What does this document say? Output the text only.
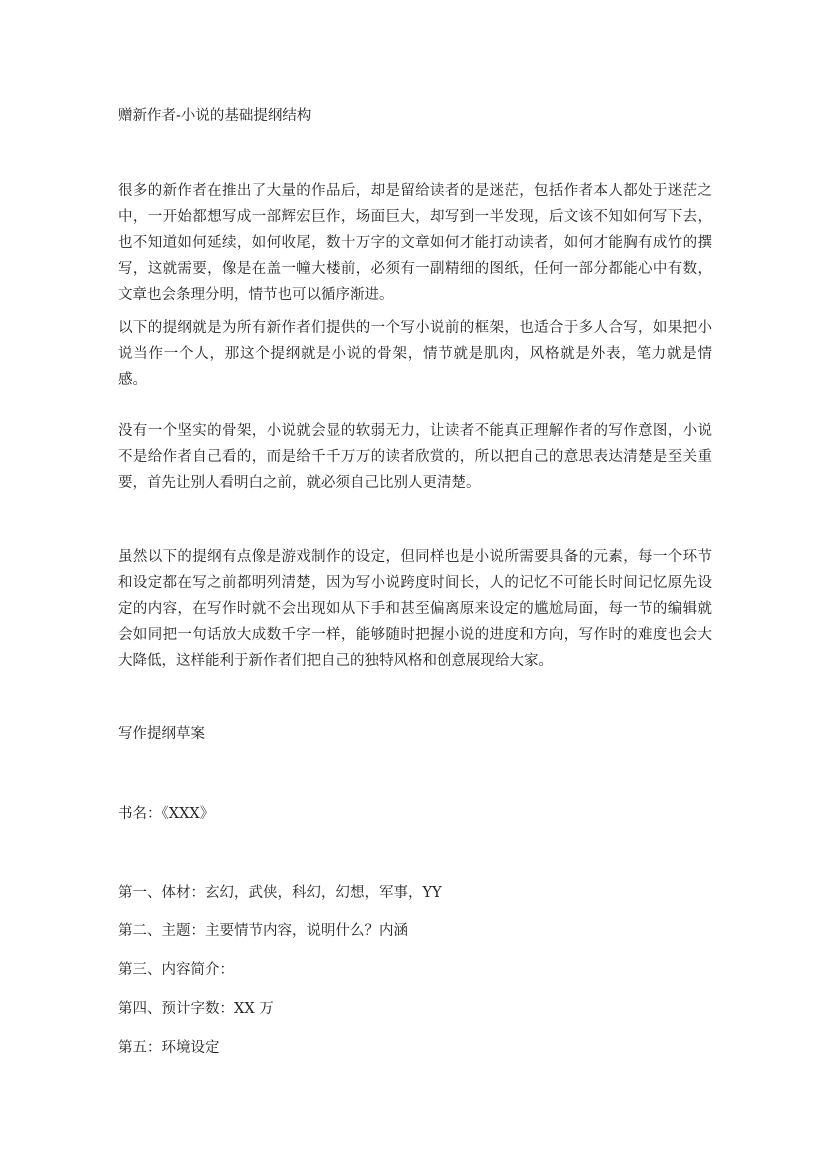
赠新作者-小说的基础提纲结构

很多的新作者在推出了大量的作品后，却是留给读者的是迷茫，包括作者本人都处于迷茫之中，一开始都想写成一部辉宏巨作，场面巨大，却写到一半发现，后文该不知如何写下去，也不知道如何延续，如何收尾，数十万字的文章如何才能打动读者，如何才能胸有成竹的撰写，这就需要，像是在盖一幢大楼前，必须有一副精细的图纸，任何一部分都能心中有数，文章也会条理分明，情节也可以循序渐进。

以下的提纲就是为所有新作者们提供的一个写小说前的框架，也适合于多人合写，如果把小说当作一个人，那这个提纲就是小说的骨架，情节就是肌肉，风格就是外表，笔力就是情感。

没有一个坚实的骨架，小说就会显的软弱无力，让读者不能真正理解作者的写作意图，小说不是给作者自己看的，而是给千千万万的读者欣赏的，所以把自己的意思表达清楚是至关重要，首先让别人看明白之前，就必须自己比别人更清楚。

虽然以下的提纲有点像是游戏制作的设定，但同样也是小说所需要具备的元素，每一个环节和设定都在写之前都明列清楚，因为写小说跨度时间长，人的记忆不可能长时间记忆原先设定的内容，在写作时就不会出现如从下手和甚至偏离原来设定的尴尬局面，每一节的编辑就会如同把一句话放大成数千字一样，能够随时把握小说的进度和方向，写作时的难度也会大大降低，这样能利于新作者们把自己的独特风格和创意展现给大家。

写作提纲草案

书名：《XXX》

第一、体材：玄幻，武侠，科幻，幻想，军事，YY

第二、主题：主要情节内容，说明什么？内涵

第三、内容简介：

第四、预计字数：XX 万

第五：环境设定
